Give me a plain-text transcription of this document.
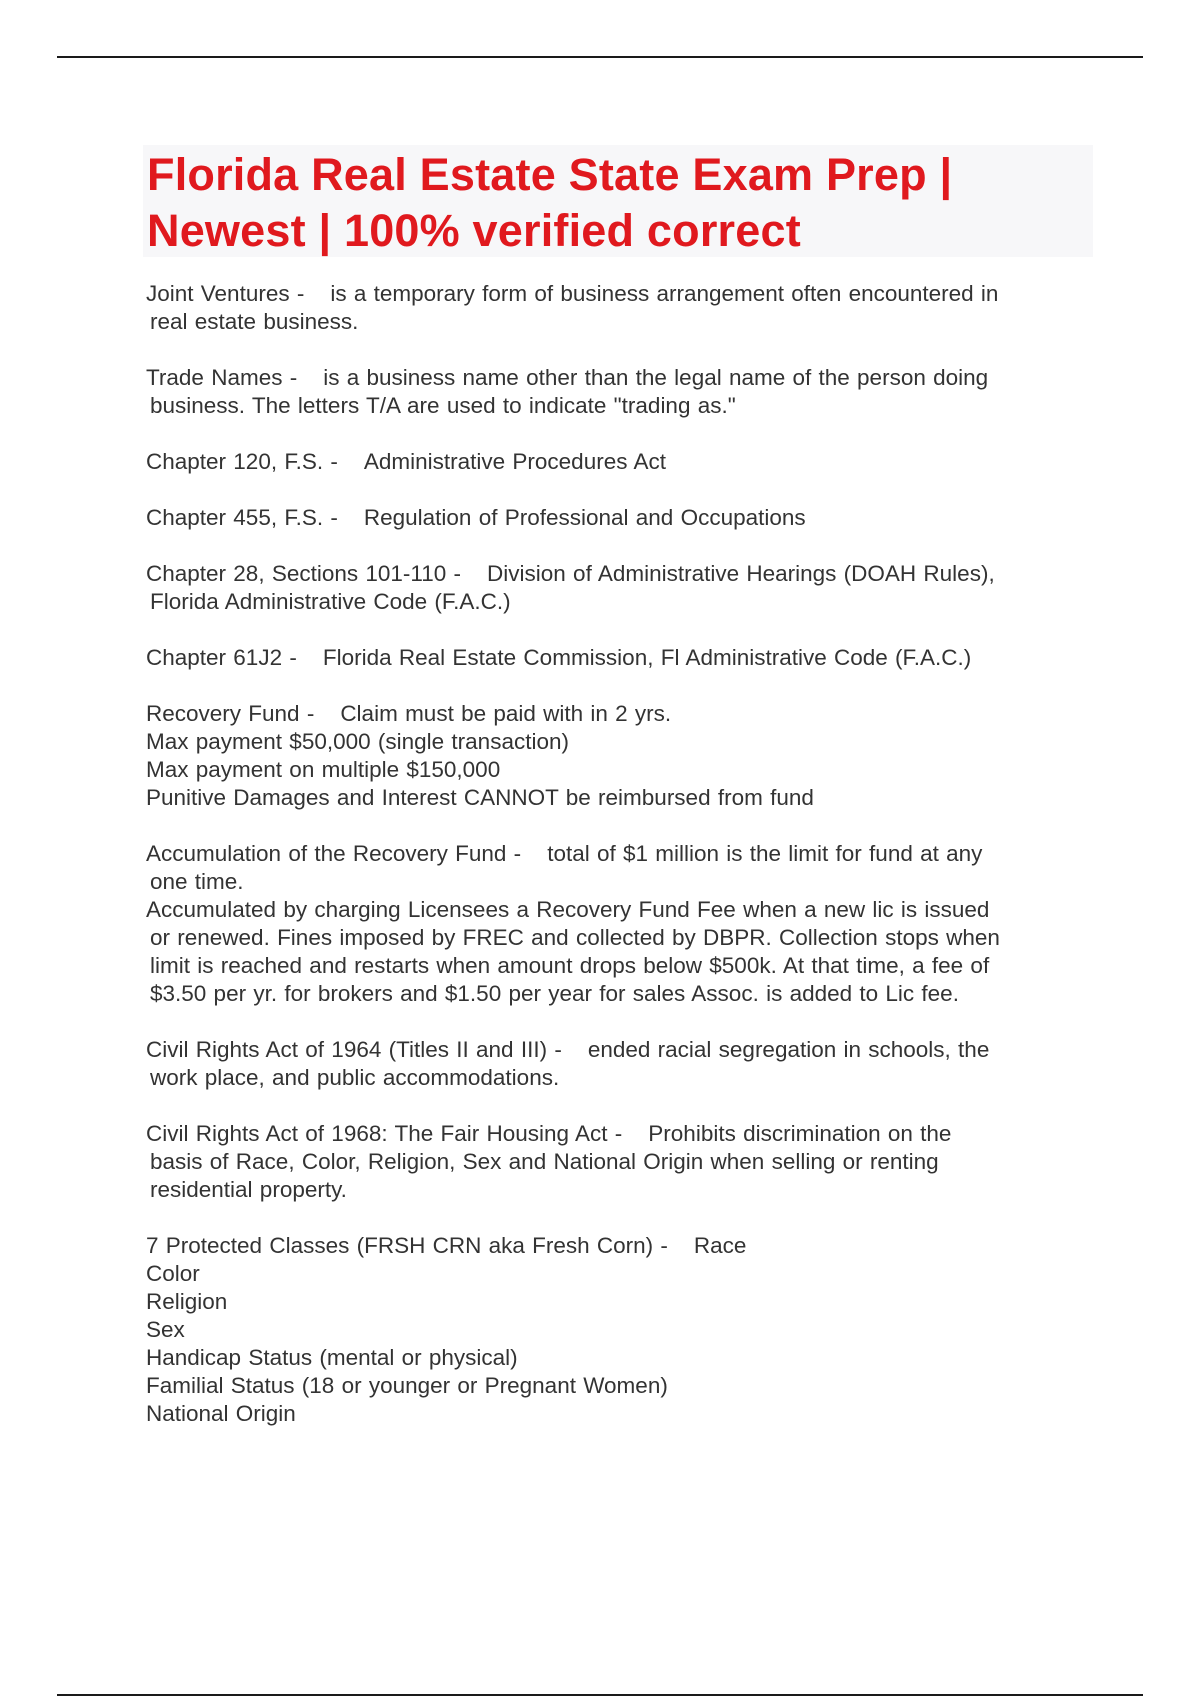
Florida Real Estate State Exam Prep | Newest | 100% verified correct
Joint Ventures - is a temporary form of business arrangement often encountered in
real estate business.
Trade Names - is a business name other than the legal name of the person doing
business. The letters T/A are used to indicate "trading as."
Chapter 120, F.S. - Administrative Procedures Act
Chapter 455, F.S. - Regulation of Professional and Occupations
Chapter 28, Sections 101-110 - Division of Administrative Hearings (DOAH Rules),
Florida Administrative Code (F.A.C.)
Chapter 61J2 - Florida Real Estate Commission, Fl Administrative Code (F.A.C.)
Recovery Fund - Claim must be paid with in 2 yrs.
Max payment $50,000 (single transaction)
Max payment on multiple $150,000
Punitive Damages and Interest CANNOT be reimbursed from fund
Accumulation of the Recovery Fund - total of $1 million is the limit for fund at any
one time.
Accumulated by charging Licensees a Recovery Fund Fee when a new lic is issued
or renewed. Fines imposed by FREC and collected by DBPR. Collection stops when
limit is reached and restarts when amount drops below $500k. At that time, a fee of
$3.50 per yr. for brokers and $1.50 per year for sales Assoc. is added to Lic fee.
Civil Rights Act of 1964 (Titles II and III) - ended racial segregation in schools, the
work place, and public accommodations.
Civil Rights Act of 1968: The Fair Housing Act - Prohibits discrimination on the
basis of Race, Color, Religion, Sex and National Origin when selling or renting
residential property.
7 Protected Classes (FRSH CRN aka Fresh Corn) - Race
Color
Religion
Sex
Handicap Status (mental or physical)
Familial Status (18 or younger or Pregnant Women)
National Origin
